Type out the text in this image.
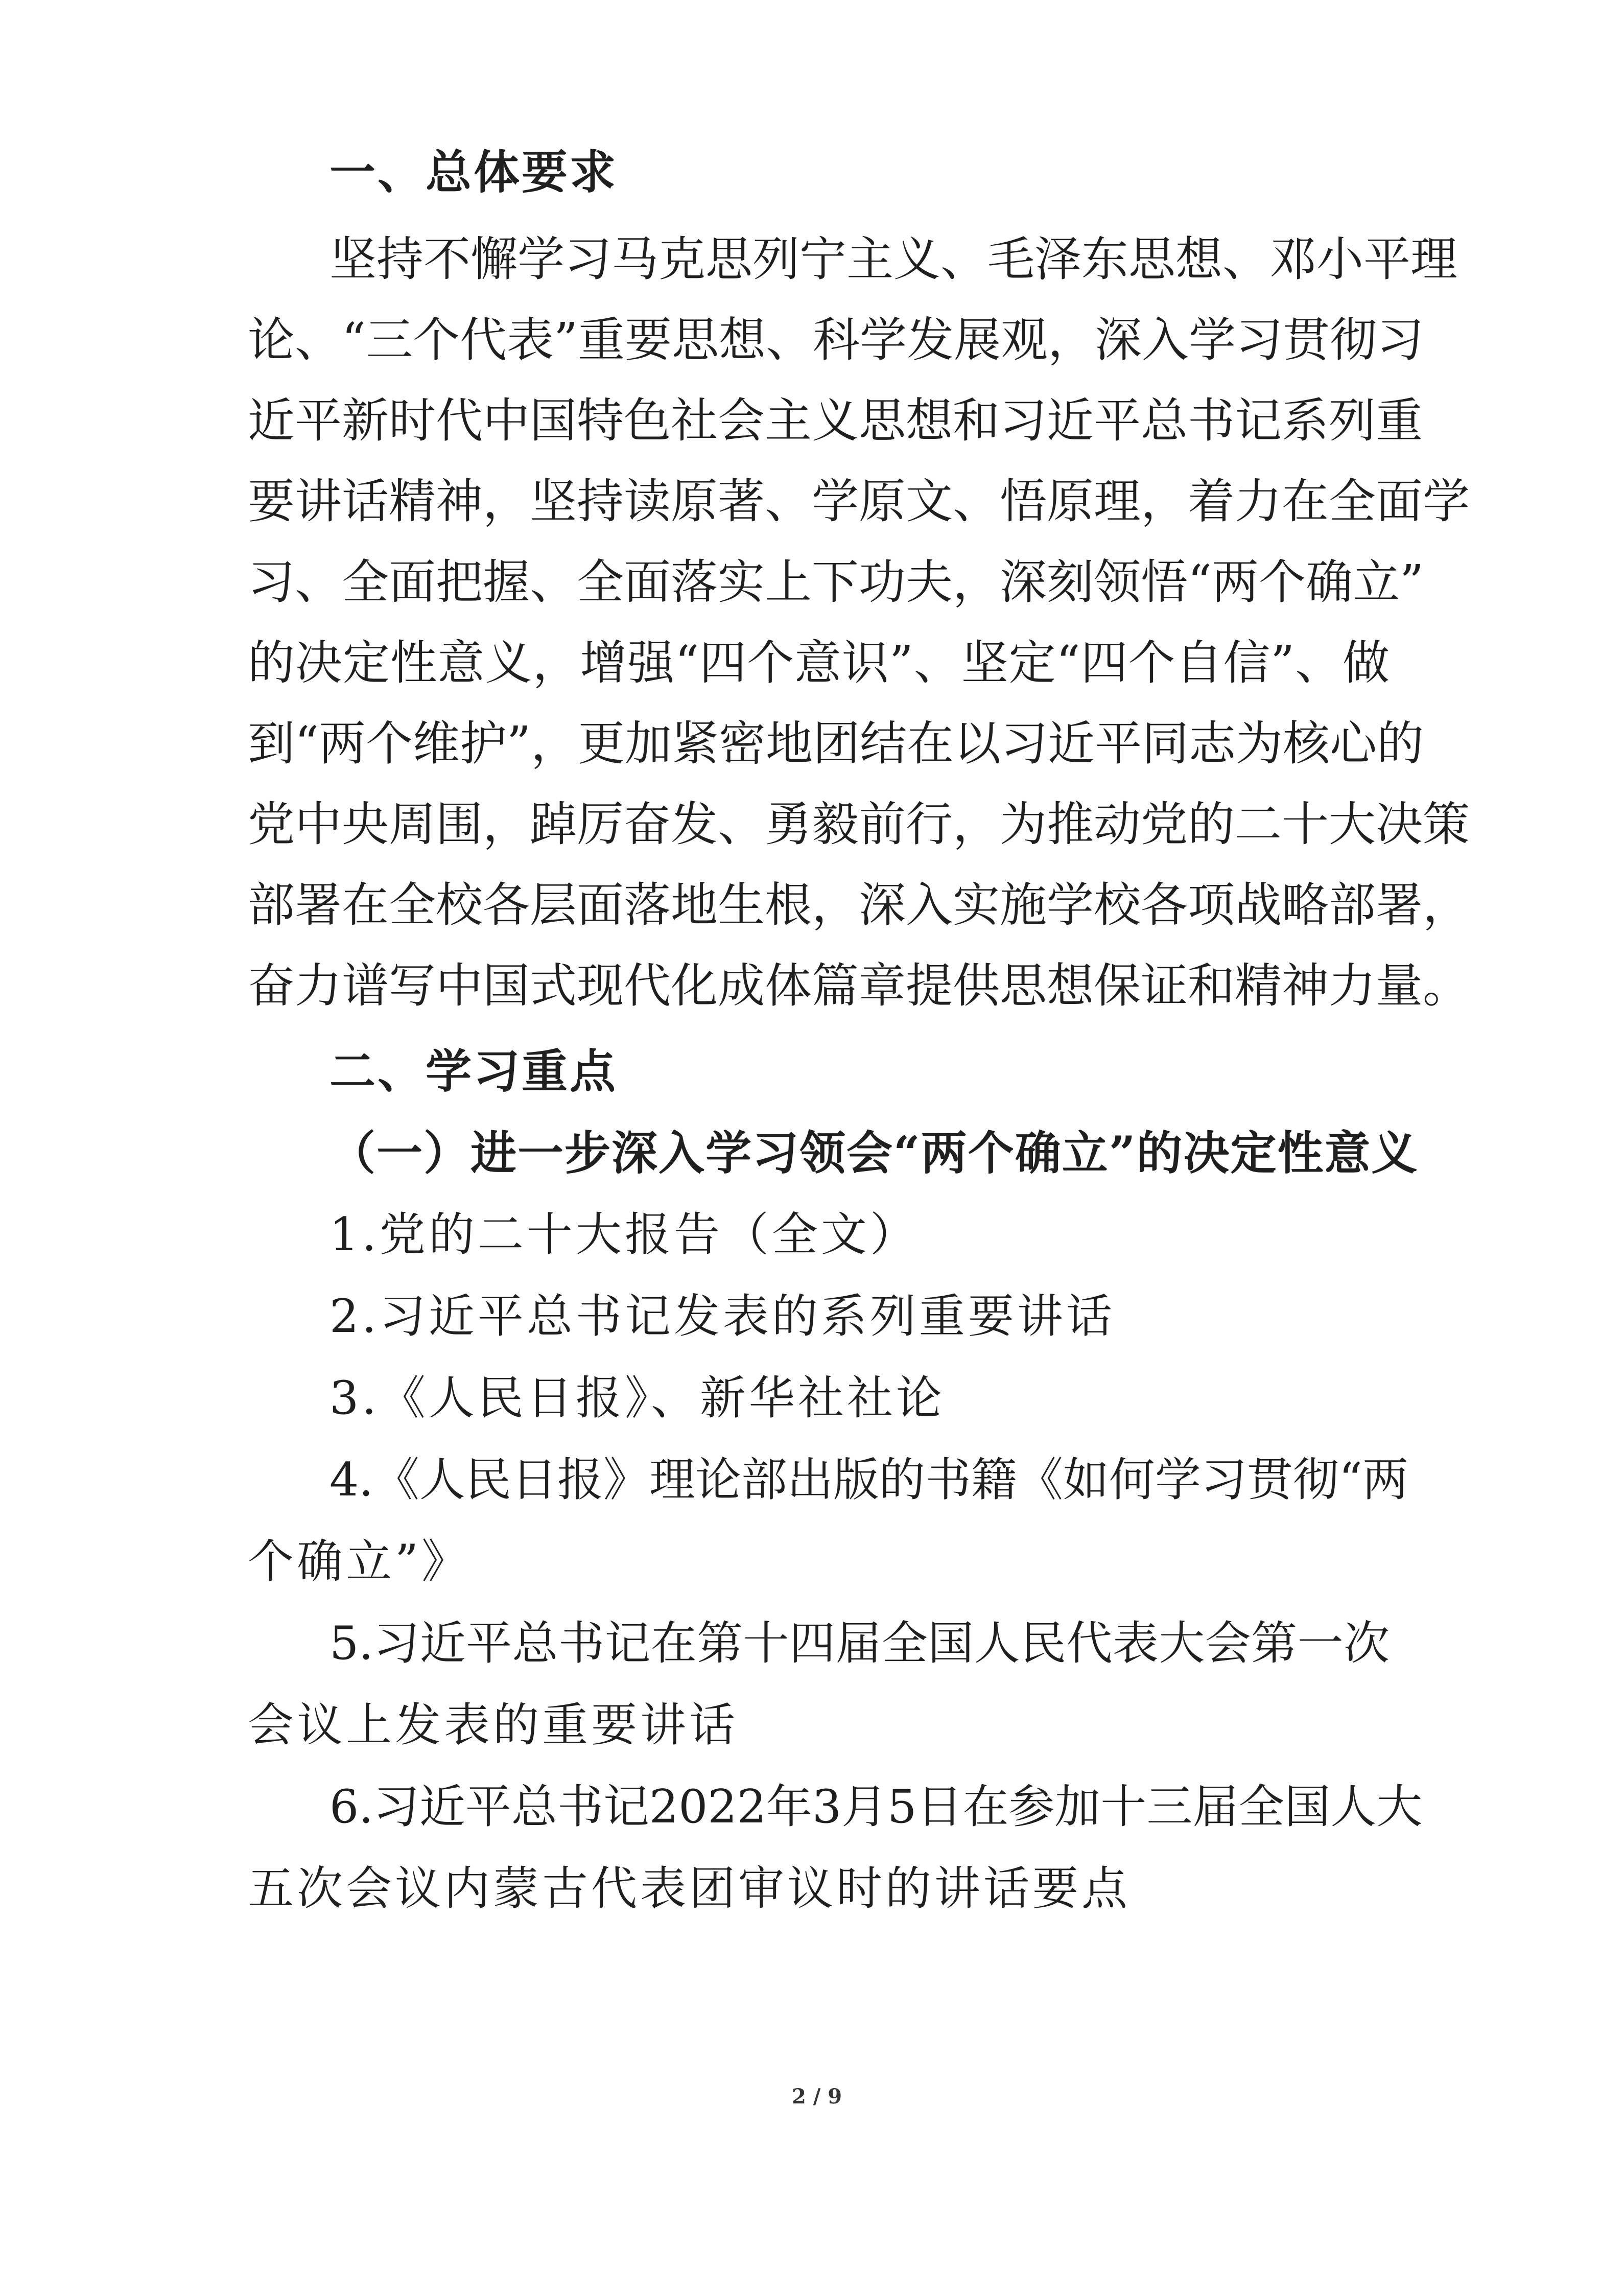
一、总体要求
坚持不懈学习马克思列宁主义、毛泽东思想、邓小平理
论、“三个代表”重要思想、科学发展观，深入学习贯彻习
近平新时代中国特色社会主义思想和习近平总书记系列重
要讲话精神，坚持读原著、学原文、悟原理，着力在全面学
习、全面把握、全面落实上下功夫，深刻领悟“两个确立”
的决定性意义，增强“四个意识”、坚定“四个自信”、做
到“两个维护”，更加紧密地团结在以习近平同志为核心的
党中央周围，踔厉奋发、勇毅前行，为推动党的二十大决策
部署在全校各层面落地生根，深入实施学校各项战略部署，
奋力谱写中国式现代化成体篇章提供思想保证和精神力量。
二、学习重点
（一）进一步深入学习领会“两个确立”的决定性意义
1.党的二十大报告（全文）
2.习近平总书记发表的系列重要讲话
3.《人民日报》、新华社社论
4.《人民日报》理论部出版的书籍《如何学习贯彻“两
个确立”》
5.习近平总书记在第十四届全国人民代表大会第一次
会议上发表的重要讲话
6.习近平总书记2022年3月5日在参加十三届全国人大
五次会议内蒙古代表团审议时的讲话要点
2 / 9
